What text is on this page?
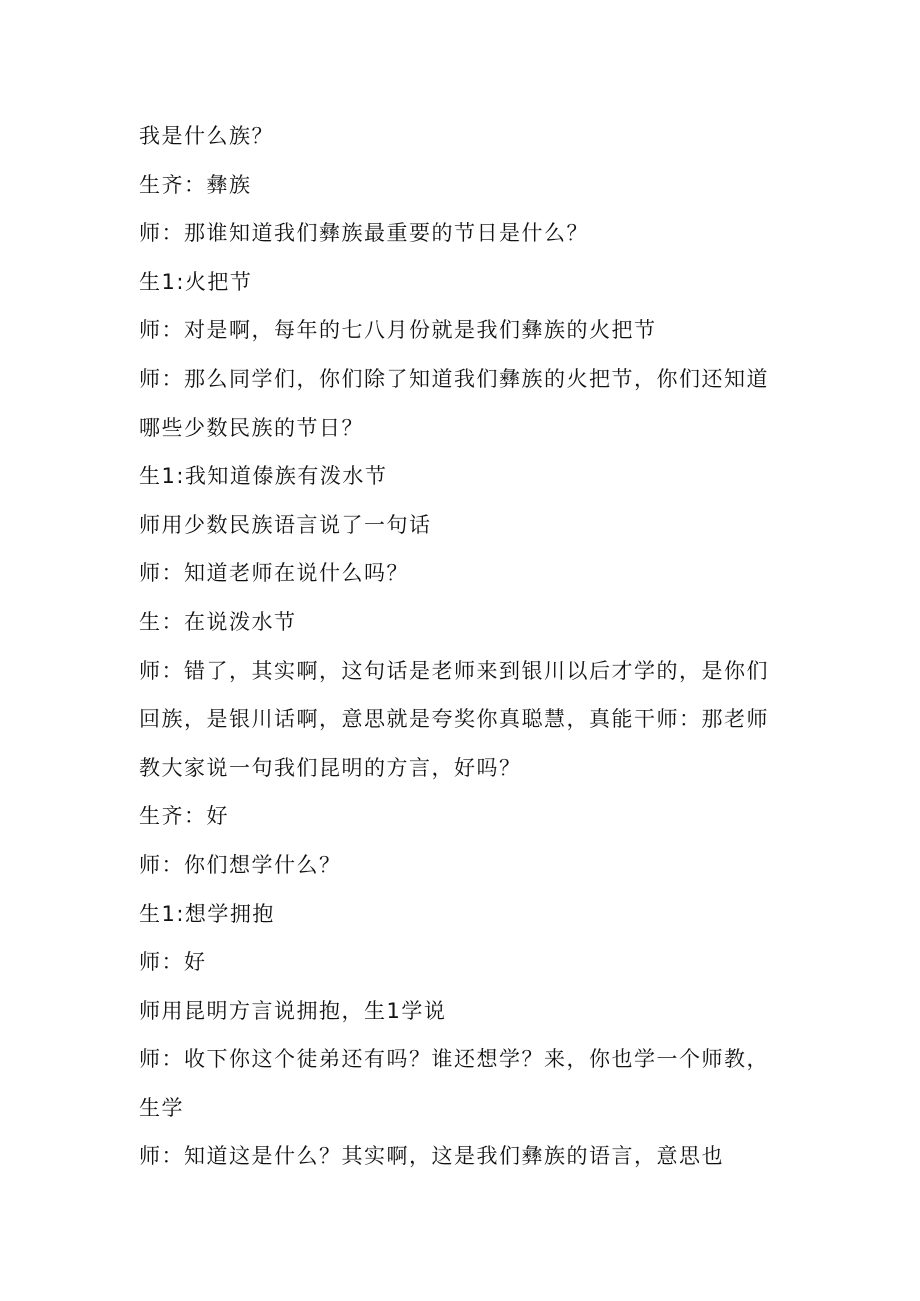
我是什么族？

生齐：彝族

师：那谁知道我们彝族最重要的节日是什么？

生1:火把节

师：对是啊，每年的七八月份就是我们彝族的火把节

师：那么同学们，你们除了知道我们彝族的火把节，你们还知道哪些少数民族的节日？

生1:我知道傣族有泼水节

师用少数民族语言说了一句话

师：知道老师在说什么吗？

生：在说泼水节

师：错了，其实啊，这句话是老师来到银川以后才学的，是你们回族，是银川话啊，意思就是夸奖你真聪慧，真能干师：那老师教大家说一句我们昆明的方言，好吗？

生齐：好

师：你们想学什么？

生1:想学拥抱

师：好

师用昆明方言说拥抱，生1学说

师：收下你这个徒弟还有吗？谁还想学？来，你也学一个师教，生学

师：知道这是什么？其实啊，这是我们彝族的语言，意思也
